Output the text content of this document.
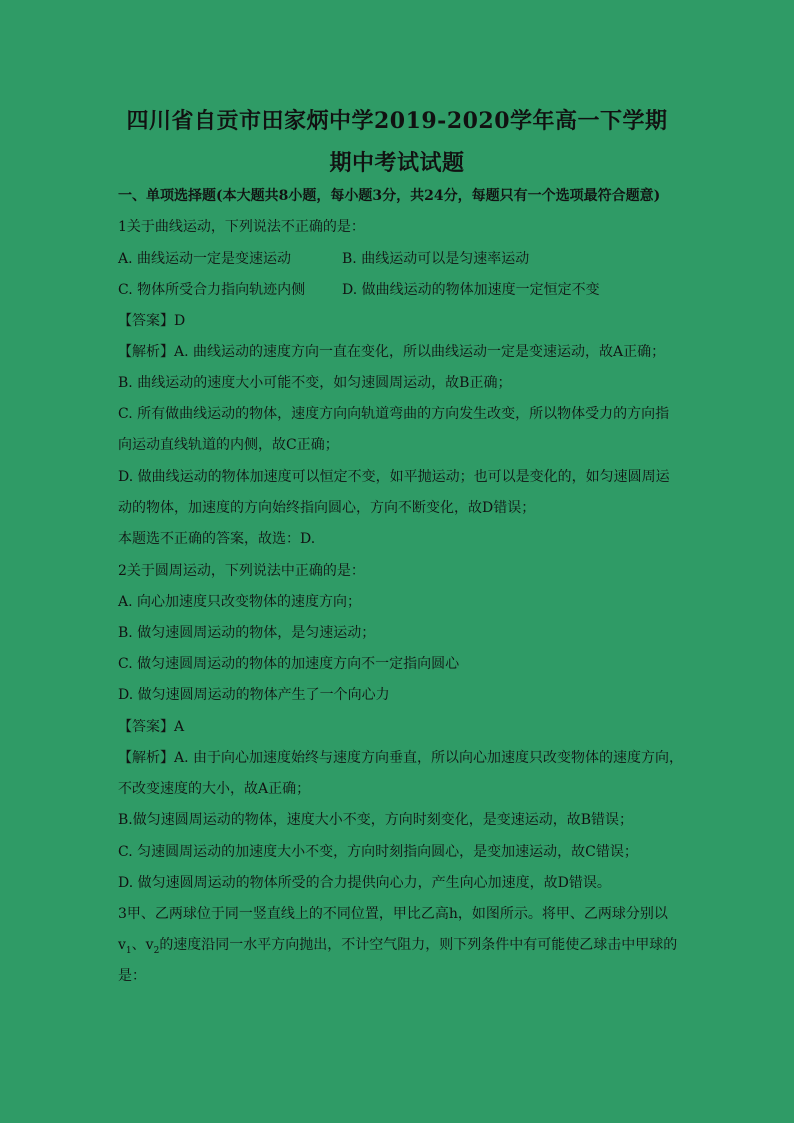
四川省自贡市田家炳中学2019-2020学年高一下学期
期中考试试题
一、单项选择题(本大题共8小题，每小题3分，共24分，每题只有一个选项最符合题意)
1关于曲线运动，下列说法不正确的是：
A. 曲线运动一定是变速运动	B. 曲线运动可以是匀速率运动
C. 物体所受合力指向轨迹内侧	D. 做曲线运动的物体加速度一定恒定不变
【答案】D
【解析】A. 曲线运动的速度方向一直在变化，所以曲线运动一定是变速运动，故A正确；
B. 曲线运动的速度大小可能不变，如匀速圆周运动，故B正确；
C. 所有做曲线运动的物体，速度方向向轨道弯曲的方向发生改变，所以物体受力的方向指
向运动直线轨道的内侧，故C正确；
D. 做曲线运动的物体加速度可以恒定不变，如平抛运动；也可以是变化的，如匀速圆周运
动的物体，加速度的方向始终指向圆心，方向不断变化，故D错误；
本题选不正确的答案，故选：D.
2关于圆周运动，下列说法中正确的是：
A. 向心加速度只改变物体的速度方向；
B. 做匀速圆周运动的物体，是匀速运动；
C. 做匀速圆周运动的物体的加速度方向不一定指向圆心
D. 做匀速圆周运动的物体产生了一个向心力
【答案】A
【解析】A. 由于向心加速度始终与速度方向垂直，所以向心加速度只改变物体的速度方向，
不改变速度的大小，故A正确；
B.做匀速圆周运动的物体，速度大小不变，方向时刻变化，是变速运动，故B错误；
C. 匀速圆周运动的加速度大小不变，方向时刻指向圆心，是变加速运动，故C错误；
D. 做匀速圆周运动的物体所受的合力提供向心力，产生向心加速度，故D错误。
3甲、乙两球位于同一竖直线上的不同位置，甲比乙高h，如图所示。将甲、乙两球分别以
$v_1$、$v_2$的速度沿同一水平方向抛出，不计空气阻力，则下列条件中有可能使乙球击中甲球的
是：
